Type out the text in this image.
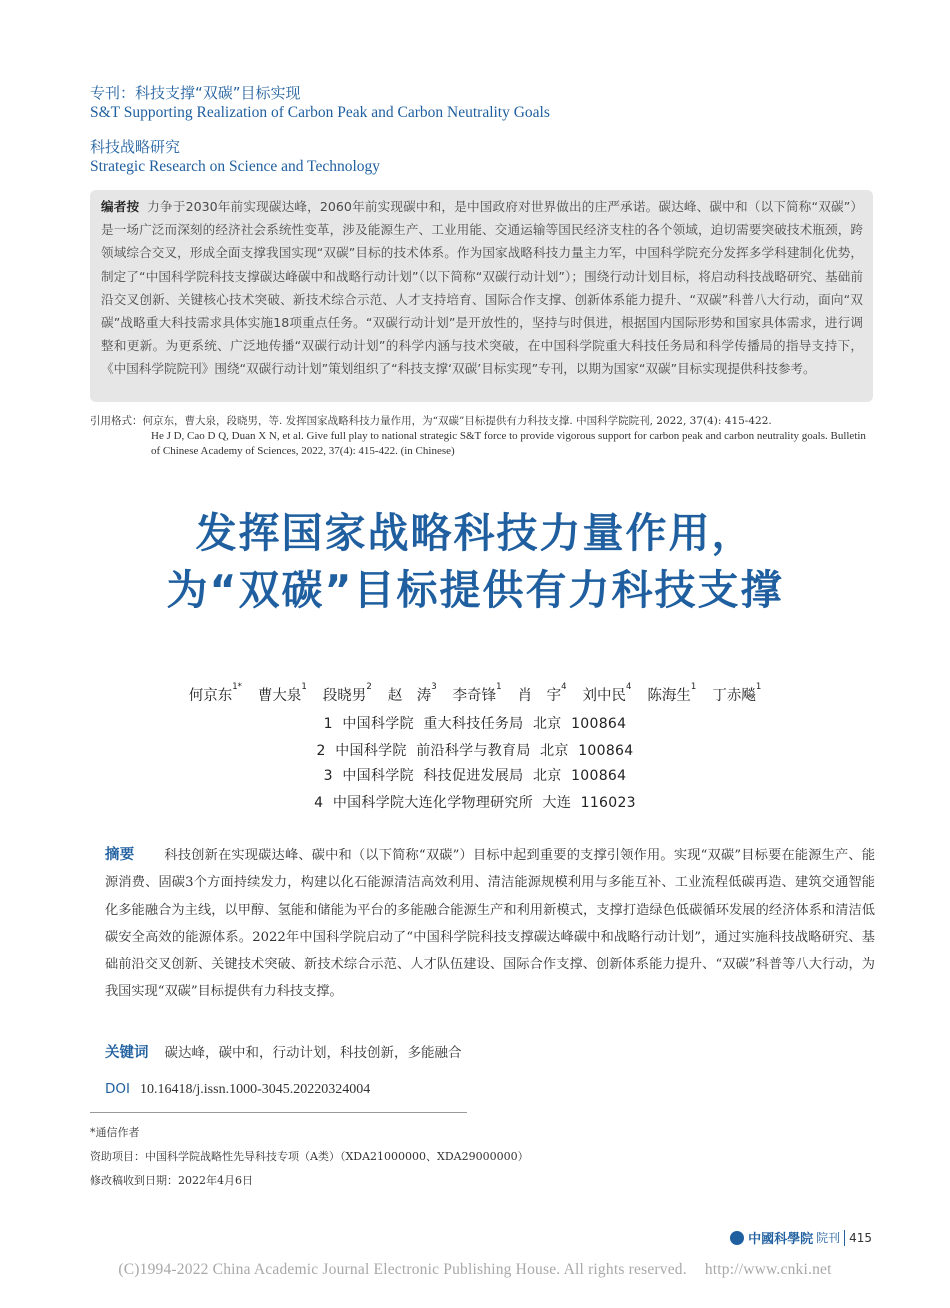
专刊：科技支撑“双碳”目标实现
S&T Supporting Realization of Carbon Peak and Carbon Neutrality Goals
科技战略研究
Strategic Research on Science and Technology

编者按 力争于2030年前实现碳达峰，2060年前实现碳中和，是中国政府对世界做出的庄严承诺。碳达峰、碳中和（以下简称“双碳”）是一场广泛而深刻的经济社会系统性变革，涉及能源生产、工业用能、交通运输等国民经济支柱的各个领域，迫切需要突破技术瓶颈，跨领域综合交叉，形成全面支撑我国实现“双碳”目标的技术体系。作为国家战略科技力量主力军，中国科学院充分发挥多学科建制化优势，制定了“中国科学院科技支撑碳达峰碳中和战略行动计划”（以下简称“双碳行动计划”）；围绕行动计划目标，将启动科技战略研究、基础前沿交叉创新、关键核心技术突破、新技术综合示范、人才支持培育、国际合作支撑、创新体系能力提升、“双碳”科普八大行动，面向“双碳”战略重大科技需求具体实施18项重点任务。“双碳行动计划”是开放性的，坚持与时俱进，根据国内国际形势和国家具体需求，进行调整和更新。为更系统、广泛地传播“双碳行动计划”的科学内涵与技术突破，在中国科学院重大科技任务局和科学传播局的指导支持下，《中国科学院院刊》围绕“双碳行动计划”策划组织了“科技支撑‘双碳’目标实现”专刊，以期为国家“双碳”目标实现提供科技参考。

引用格式：何京东，曹大泉，段晓男，等. 发挥国家战略科技力量作用，为“双碳”目标提供有力科技支撑. 中国科学院院刊, 2022, 37(4): 415-422.
He J D, Cao D Q, Duan X N, et al. Give full play to national strategic S&T force to provide vigorous support for carbon peak and carbon neutrality goals. Bulletin of Chinese Academy of Sciences, 2022, 37(4): 415-422. (in Chinese)
发挥国家战略科技力量作用，
为“双碳”目标提供有力科技支撑
何京东$^{1*}$曹大泉$^1$段晓男$^2$赵　涛$^3$李奇锋$^1$肖　宇$^4$刘中民$^4$陈海生$^1$丁赤飚$^1$
1  中国科学院  重大科技任务局  北京  100864
2  中国科学院  前沿科学与教育局  北京  100864
3  中国科学院  科技促进发展局  北京  100864
4  中国科学院大连化学物理研究所  大连  116023

摘要 科技创新在实现碳达峰、碳中和（以下简称“双碳”）目标中起到重要的支撑引领作用。实现“双碳”目标要在能源生产、能源消费、固碳3个方面持续发力，构建以化石能源清洁高效利用、清洁能源规模利用与多能互补、工业流程低碳再造、建筑交通智能化多能融合为主线，以甲醇、氢能和储能为平台的多能融合能源生产和利用新模式，支撑打造绿色低碳循环发展的经济体系和清洁低碳安全高效的能源体系。2022年中国科学院启动了“中国科学院科技支撑碳达峰碳中和战略行动计划”，通过实施科技战略研究、基础前沿交叉创新、关键技术突破、新技术综合示范、人才队伍建设、国际合作支撑、创新体系能力提升、“双碳”科普等八大行动，为我国实现“双碳”目标提供有力科技支撑。

关键词 碳达峰，碳中和，行动计划，科技创新，多能融合
DOI 10.16418/j.issn.1000-3045.20220324004
*通信作者
资助项目：中国科学院战略性先导科技专项（A类）（XDA21000000、XDA29000000）
修改稿收到日期：2022年4月6日
中國科學院 院刊 415
(C)1994-2022 China Academic Journal Electronic Publishing House. All rights reserved. http://www.cnki.net
